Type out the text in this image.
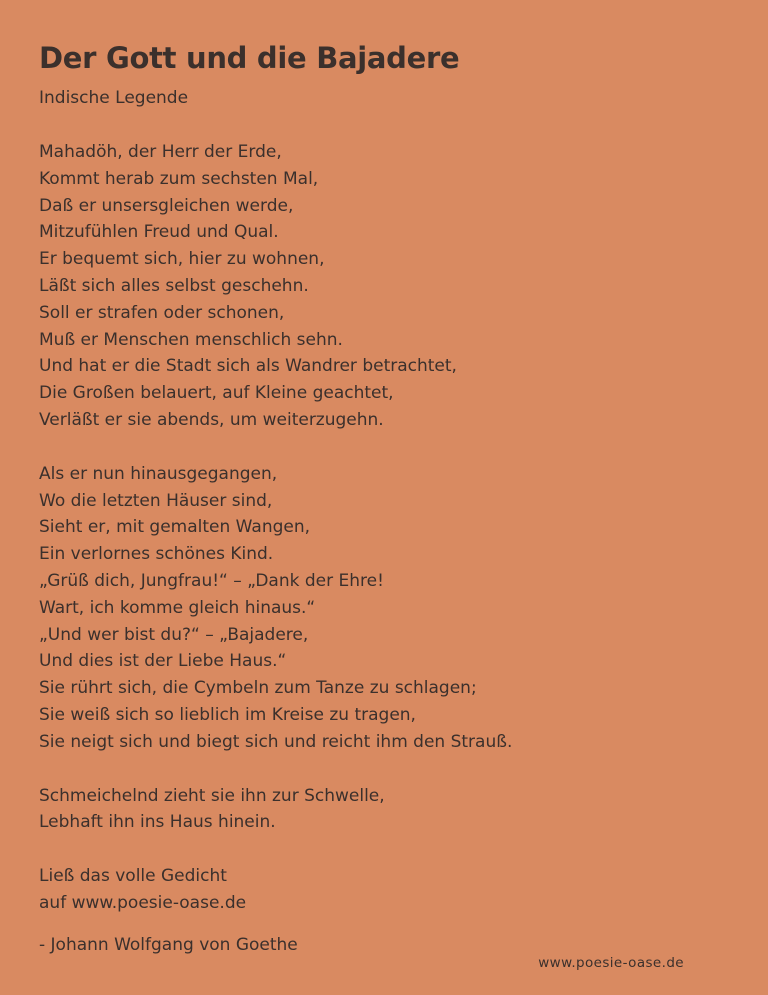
Der Gott und die Bajadere
Indische Legende
Mahadöh, der Herr der Erde,
Kommt herab zum sechsten Mal,
Daß er unsersgleichen werde,
Mitzufühlen Freud und Qual.
Er bequemt sich, hier zu wohnen,
Läßt sich alles selbst geschehn.
Soll er strafen oder schonen,
Muß er Menschen menschlich sehn.
Und hat er die Stadt sich als Wandrer betrachtet,
Die Großen belauert, auf Kleine geachtet,
Verläßt er sie abends, um weiterzugehn.
Als er nun hinausgegangen,
Wo die letzten Häuser sind,
Sieht er, mit gemalten Wangen,
Ein verlornes schönes Kind.
„Grüß dich, Jungfrau!“ – „Dank der Ehre!
Wart, ich komme gleich hinaus.“
„Und wer bist du?“ – „Bajadere,
Und dies ist der Liebe Haus.“
Sie rührt sich, die Cymbeln zum Tanze zu schlagen;
Sie weiß sich so lieblich im Kreise zu tragen,
Sie neigt sich und biegt sich und reicht ihm den Strauß.
Schmeichelnd zieht sie ihn zur Schwelle,
Lebhaft ihn ins Haus hinein.
Ließ das volle Gedicht
auf www.poesie-oase.de
- Johann Wolfgang von Goethe
www.poesie-oase.de
